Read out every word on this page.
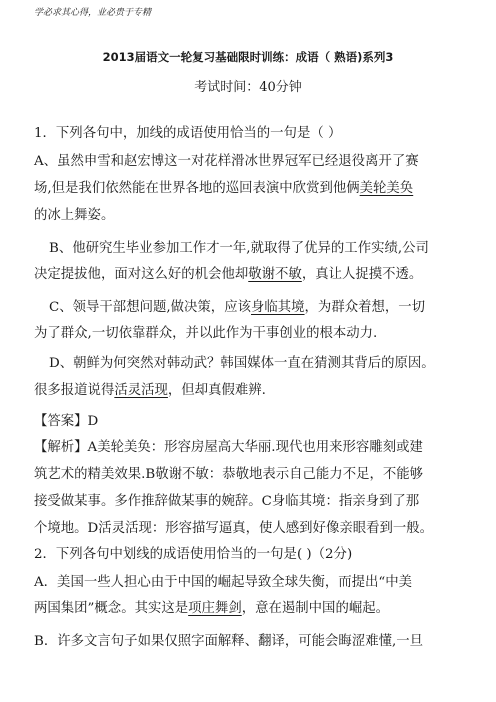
学必求其心得，业必贵于专精
2013届语文一轮复习基础限时训练：成语（ 熟语)系列3
考试时间：40分钟
1．下列各句中，加线的成语使用恰当的一句是（ ）
A、虽然申雪和赵宏博这一对花样滑冰世界冠军已经退役离开了赛
场,但是我们依然能在世界各地的巡回表演中欣赏到他俩美轮美奂
的冰上舞姿。
B、他研究生毕业参加工作才一年,就取得了优异的工作实绩,公司
决定提拔他，面对这么好的机会他却敬谢不敏，真让人捉摸不透。
C、领导干部想问题,做决策，应该身临其境，为群众着想，一切
为了群众,一切依靠群众，并以此作为干事创业的根本动力.
D、朝鲜为何突然对韩动武？韩国媒体一直在猜测其背后的原因。
很多报道说得活灵活现，但却真假难辨.
【答案】D
【解析】A美轮美奂：形容房屋高大华丽.现代也用来形容雕刻或建
筑艺术的精美效果.B敬谢不敏：恭敬地表示自己能力不足，不能够
接受做某事。多作推辞做某事的婉辞。C身临其境：指亲身到了那
个境地。D活灵活现：形容描写逼真，使人感到好像亲眼看到一般。
2．下列各句中划线的成语使用恰当的一句是( )（2分)
A．美国一些人担心由于中国的崛起导致全球失衡，而提出“中美
两国集团”概念。其实这是项庄舞剑，意在遏制中国的崛起。
B．许多文言句子如果仅照字面解释、翻译，可能会晦涩难懂,一旦
